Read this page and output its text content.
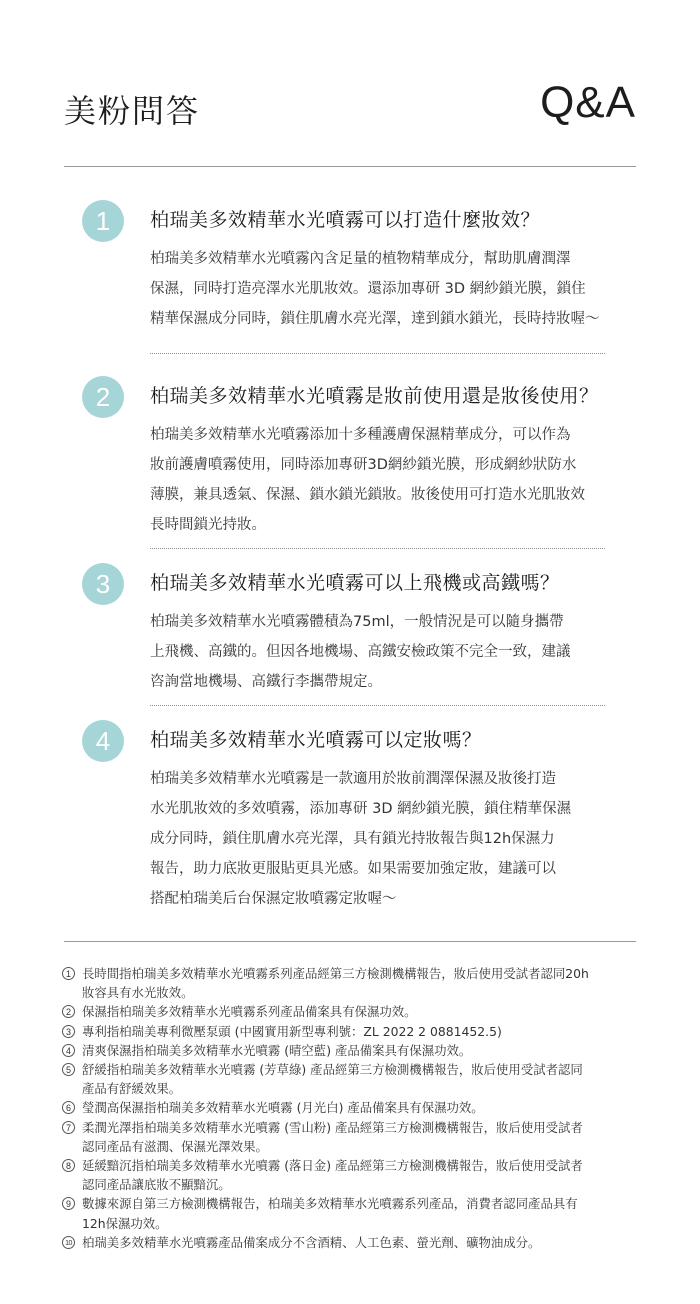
美粉問答	Q&A
1	柏瑞美多效精華水光噴霧可以打造什麼妝效？
柏瑞美多效精華水光噴霧內含足量的植物精華成分，幫助肌膚潤澤
保濕，同時打造亮澤水光肌妝效。還添加專研 3D 網紗鎖光膜，鎖住
精華保濕成分同時，鎖住肌膚水亮光澤，達到鎖水鎖光，長時持妝喔～
2	柏瑞美多效精華水光噴霧是妝前使用還是妝後使用？
柏瑞美多效精華水光噴霧添加十多種護膚保濕精華成分，可以作為
妝前護膚噴霧使用，同時添加專研3D網紗鎖光膜，形成網紗狀防水
薄膜，兼具透氣、保濕、鎖水鎖光鎖妝。妝後使用可打造水光肌妝效
長時間鎖光持妝。
3	柏瑞美多效精華水光噴霧可以上飛機或高鐵嗎？
柏瑞美多效精華水光噴霧體積為75ml，一般情況是可以隨身攜帶
上飛機、高鐵的。但因各地機場、高鐵安檢政策不完全一致，建議
咨詢當地機場、高鐵行李攜帶規定。
4	柏瑞美多效精華水光噴霧可以定妝嗎？
柏瑞美多效精華水光噴霧是一款適用於妝前潤澤保濕及妝後打造
水光肌妝效的多效噴霧，添加專研 3D 網紗鎖光膜，鎖住精華保濕
成分同時，鎖住肌膚水亮光澤，具有鎖光持妝報告與12h保濕力
報告，助力底妝更服貼更具光感。如果需要加強定妝，建議可以
搭配柏瑞美后台保濕定妝噴霧定妝喔～
1 長時間指柏瑞美多效精華水光噴霧系列產品經第三方檢測機構報告，妝后使用受試者認同20h
妝容具有水光妝效。
2 保濕指柏瑞美多效精華水光噴霧系列產品備案具有保濕功效。
3 專利指柏瑞美專利微壓泵頭 (中國實用新型專利號：ZL 2022 2 0881452.5)
4 清爽保濕指柏瑞美多效精華水光噴霧 (晴空藍) 產品備案具有保濕功效。
5 舒緩指柏瑞美多效精華水光噴霧 (芳草綠) 產品經第三方檢測機構報告，妝后使用受試者認同
產品有舒緩效果。
6 瑩潤高保濕指柏瑞美多效精華水光噴霧 (月光白) 產品備案具有保濕功效。
7 柔潤光澤指柏瑞美多效精華水光噴霧 (雪山粉) 產品經第三方檢測機構報告，妝后使用受試者
認同產品有滋潤、保濕光澤效果。
8 延緩黯沉指柏瑞美多效精華水光噴霧 (落日金) 產品經第三方檢測機構報告，妝后使用受試者
認同產品讓底妝不顯黯沉。
9 數據來源自第三方檢測機構報告，柏瑞美多效精華水光噴霧系列產品，消費者認同產品具有
12h保濕功效。
10 柏瑞美多效精華水光噴霧產品備案成分不含酒精、人工色素、螢光劑、礦物油成分。
